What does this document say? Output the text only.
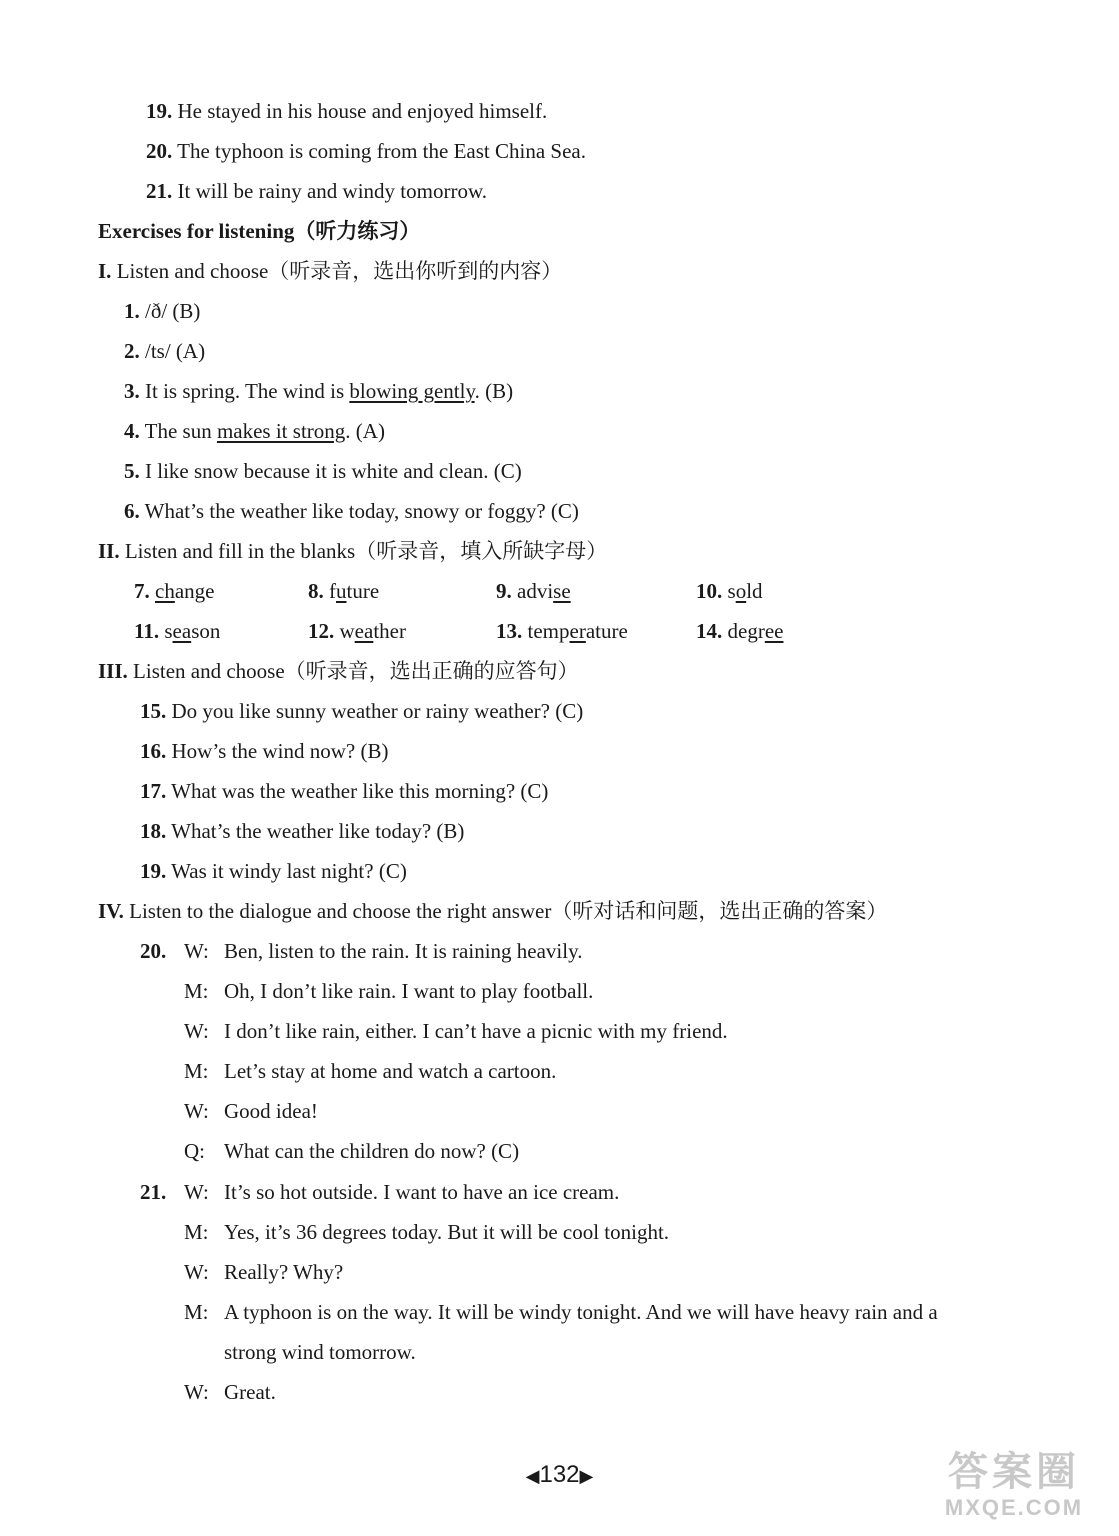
19. He stayed in his house and enjoyed himself.
20. The typhoon is coming from the East China Sea.
21. It will be rainy and windy tomorrow.
Exercises for listening（听力练习）
I. Listen and choose（听录音，选出你听到的内容）
1. /ð/ (B)
2. /ts/ (A)
3. It is spring. The wind is blowing gently. (B)
4. The sun makes it strong. (A)
5. I like snow because it is white and clean. (C)
6. What’s the weather like today, snowy or foggy? (C)
II. Listen and fill in the blanks（听录音，填入所缺字母）
7. change	8. future	9. advise	10. sold
11. season	12. weather	13. temperature	14. degree
III. Listen and choose（听录音，选出正确的应答句）
15. Do you like sunny weather or rainy weather? (C)
16. How’s the wind now? (B)
17. What was the weather like this morning? (C)
18. What’s the weather like today? (B)
19. Was it windy last night? (C)
IV. Listen to the dialogue and choose the right answer（听对话和问题，选出正确的答案）
20. W: Ben, listen to the rain. It is raining heavily.
M: Oh, I don’t like rain. I want to play football.
W: I don’t like rain, either. I can’t have a picnic with my friend.
M: Let’s stay at home and watch a cartoon.
W: Good idea!
Q: What can the children do now? (C)
21. W: It’s so hot outside. I want to have an ice cream.
M: Yes, it’s 36 degrees today. But it will be cool tonight.
W: Really? Why?
M: A typhoon is on the way. It will be windy tonight. And we will have heavy rain and a
strong wind tomorrow.
W: Great.
◀132▶	答案圈
MXQE.COM
